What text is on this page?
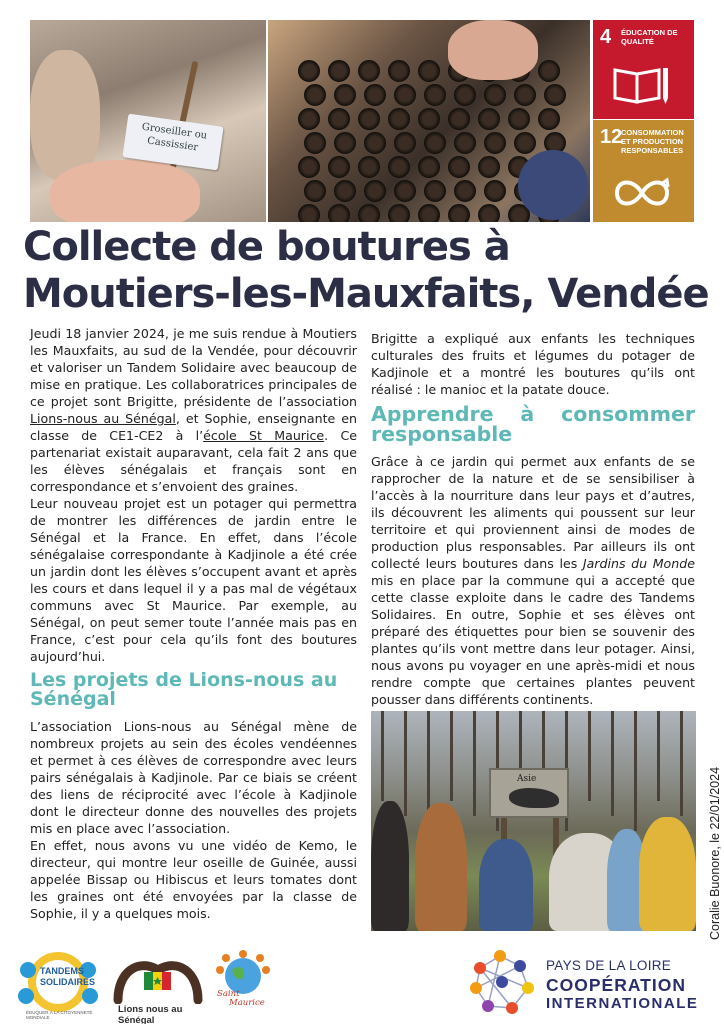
Groseiller ou Cassissier
4 ÉDUCATION DE QUALITÉ
12
CONSOMMATION ET PRODUCTION RESPONSABLES
Collecte de boutures à Moutiers-les-Mauxfaits, Vendée

Jeudi 18 janvier 2024, je me suis rendue à Moutiers les Mauxfaits, au sud de la Vendée, pour découvrir et valoriser un Tandem Solidaire avec beaucoup de mise en pratique. Les collaboratrices principales de ce projet sont Brigitte, présidente de l’association Lions-nous au Sénégal, et Sophie, enseignante en classe de CE1-CE2 à l’école St Maurice. Ce partenariat existait auparavant, cela fait 2 ans que les élèves sénégalais et français sont en correspondance et s’envoient des graines.

Leur nouveau projet est un potager qui permettra de montrer les différences de jardin entre le Sénégal et la France. En effet, dans l’école sénégalaise correspondante à Kadjinole a été crée un jardin dont les élèves s’occupent avant et après les cours et dans lequel il y a pas mal de végétaux communs avec St Maurice. Par exemple, au Sénégal, on peut semer toute l’année mais pas en France, c’est pour cela qu’ils font des boutures aujourd’hui.

Les projets de Lions-nous au Sénégal

L’association Lions-nous au Sénégal mène de nombreux projets au sein des écoles vendéennes et permet à ces élèves de correspondre avec leurs pairs sénégalais à Kadjinole. Par ce biais se créent des liens de réciprocité avec l’école à Kadjinole dont le directeur donne des nouvelles des projets mis en place avec l’association.

En effet, nous avons vu une vidéo de Kemo, le directeur, qui montre leur oseille de Guinée, aussi appelée Bissap ou Hibiscus et leurs tomates dont les graines ont été envoyées par la classe de Sophie, il y a quelques mois.

Brigitte a expliqué aux enfants les techniques culturales des fruits et légumes du potager de Kadjinole et a montré les boutures qu’ils ont réalisé : le manioc et la patate douce.

Apprendre à consommer responsable

Grâce à ce jardin qui permet aux enfants de se rapprocher de la nature et de se sensibiliser à l’accès à la nourriture dans leur pays et d’autres, ils découvrent les aliments qui poussent sur leur territoire et qui proviennent ainsi de modes de production plus responsables. Par ailleurs ils ont collecté leurs boutures dans les Jardins du Monde mis en place par la commune qui a accepté que cette classe exploite dans le cadre des Tandems Solidaires. En outre, Sophie et ses élèves ont préparé des étiquettes pour bien se souvenir des plantes qu’ils vont mettre dans leur potager. Ainsi, nous avons pu voyager en une après-midi et nous rendre compte que certaines plantes peuvent pousser dans différents continents.

Asie	Coralie Buonore, le 22/01/2024
TANDEMS
SOLIDAIRES
ÉDUQUER À LA CITOYENNETÉ MONDIALE
Lions nous au Sénégal
Saint
Maurice
PAYS DE LA LOIRE
COOPÉRATION
INTERNATIONALE
